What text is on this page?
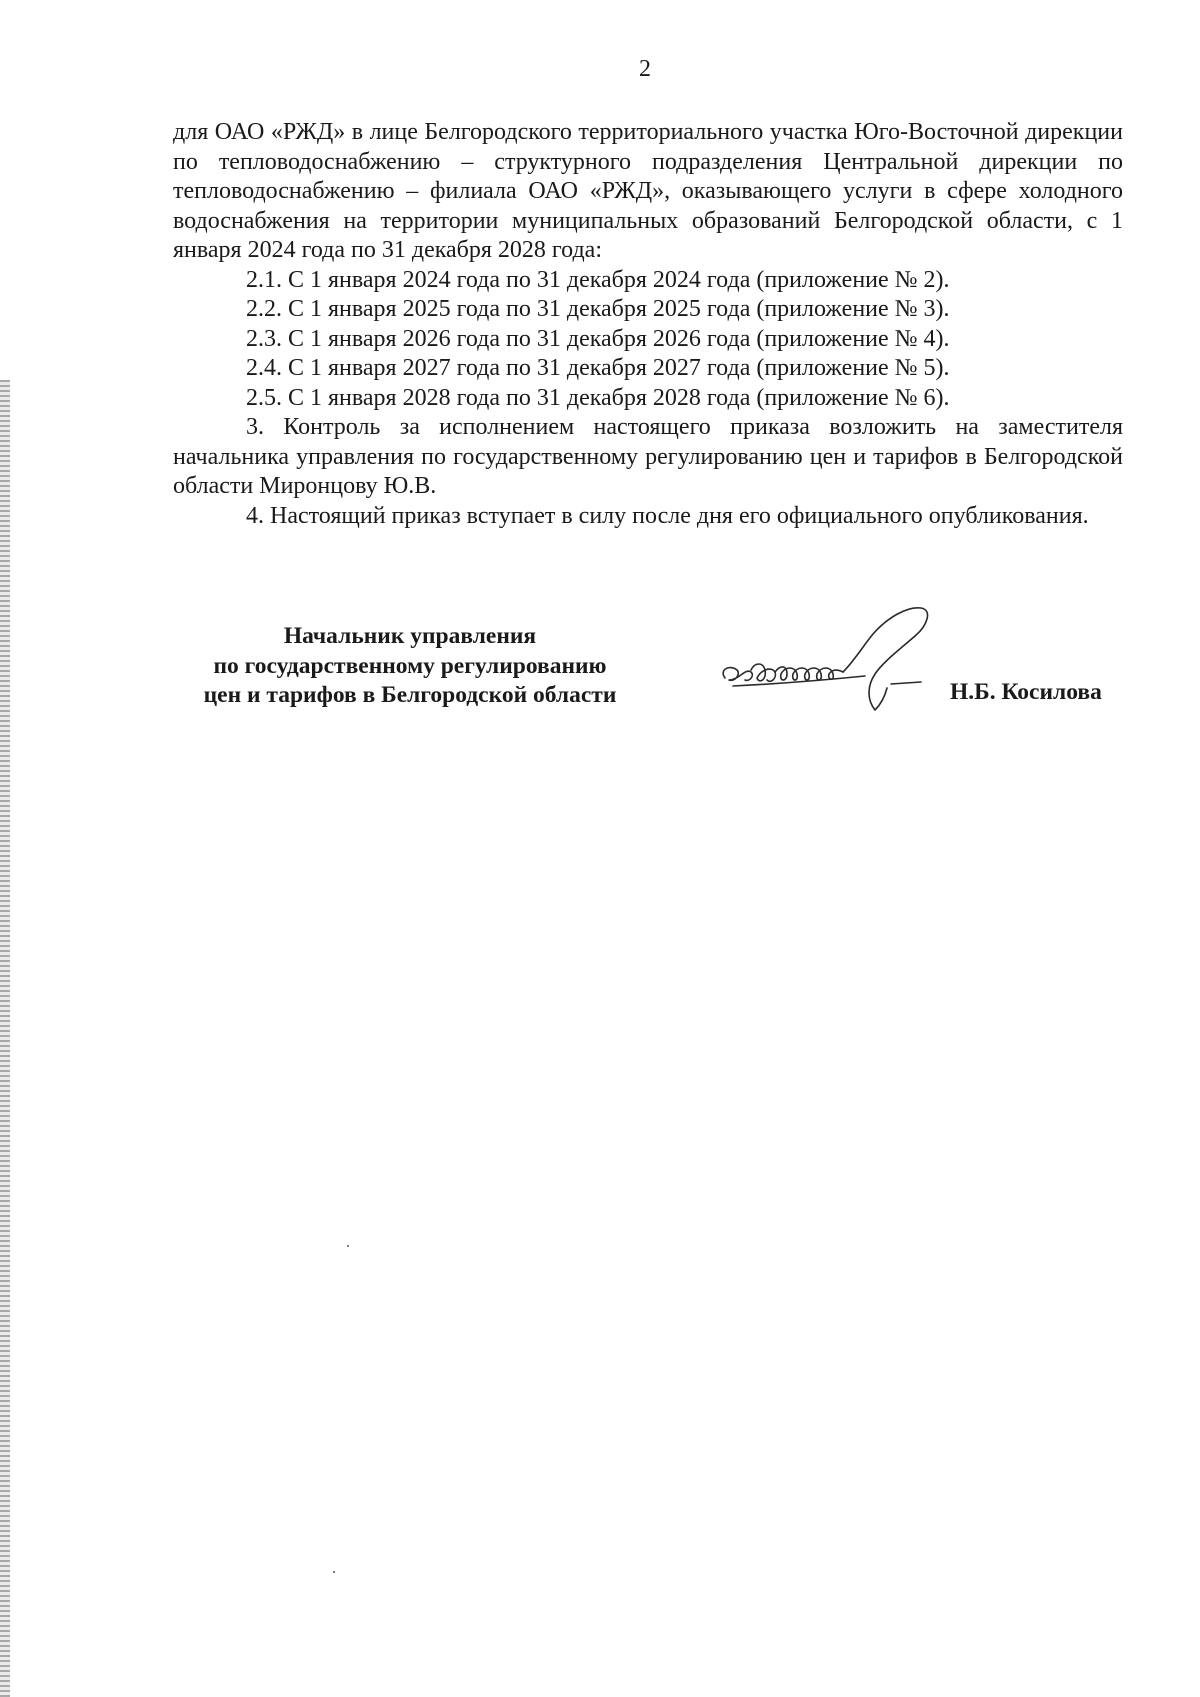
2

для ОАО «РЖД» в лице Белгородского территориального участка Юго-Восточной дирекции по тепловодоснабжению – структурного подразделения Центральной дирекции по тепловодоснабжению – филиала ОАО «РЖД», оказывающего услуги в сфере холодного водоснабжения на территории муниципальных образований Белгородской области, с 1 января 2024 года по 31 декабря 2028 года:

2.1. С 1 января 2024 года по 31 декабря 2024 года (приложение № 2).

2.2. С 1 января 2025 года по 31 декабря 2025 года (приложение № 3).

2.3. С 1 января 2026 года по 31 декабря 2026 года (приложение № 4).

2.4. С 1 января 2027 года по 31 декабря 2027 года (приложение № 5).

2.5. С 1 января 2028 года по 31 декабря 2028 года (приложение № 6).

3. Контроль за исполнением настоящего приказа возложить на заместителя начальника управления по государственному регулированию цен и тарифов в Белгородской области Миронцову Ю.В.

4. Настоящий приказ вступает в силу после дня его официального опубликования.

Начальник управления
по государственному регулированию
цен и тарифов в Белгородской области	Н.Б. Косилова
